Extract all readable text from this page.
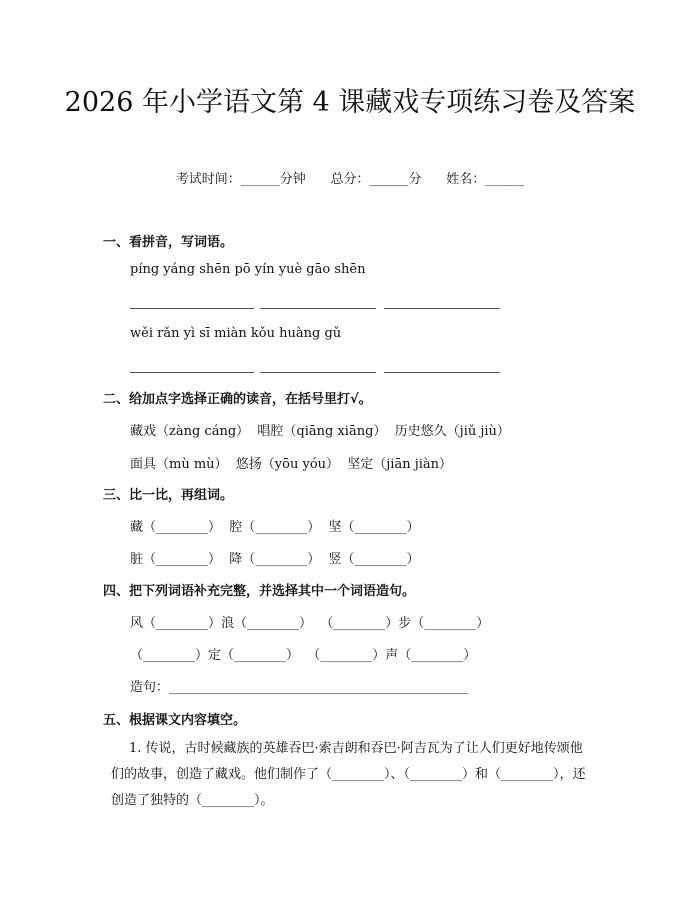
2026 年小学语文第 4 课藏戏专项练习卷及答案
考试时间：______分钟      总分：______分      姓名：______
一、看拼音，写词语。
píng yáng shēn pō yín yuè gāo shēn
wěi rǎn yì sī miàn kǒu huàng gǔ
二、给加点字选择正确的读音，在括号里打√。
藏戏（zàng cáng）  唱腔（qiāng xiāng）  历史悠久（jiǔ jiù）
面具（mù mù）  悠扬（yōu yóu）  坚定（jiān jiàn）
三、比一比，再组词。
藏（________）  腔（________）  坚（________）
脏（________）  降（________）  竖（________）
四、把下列词语补充完整，并选择其中一个词语造句。
风（________）浪（________）  （________）步（________）
（________）定（________）  （________）声（________）
造句：______________________________________________
五、根据课文内容填空。
1. 传说，古时候藏族的英雄吞巴·索吉朗和吞巴·阿吉瓦为了让人们更好地传颂他们的故事，创造了藏戏。他们制作了（________）、（________）和（________），还创造了独特的（________）。
